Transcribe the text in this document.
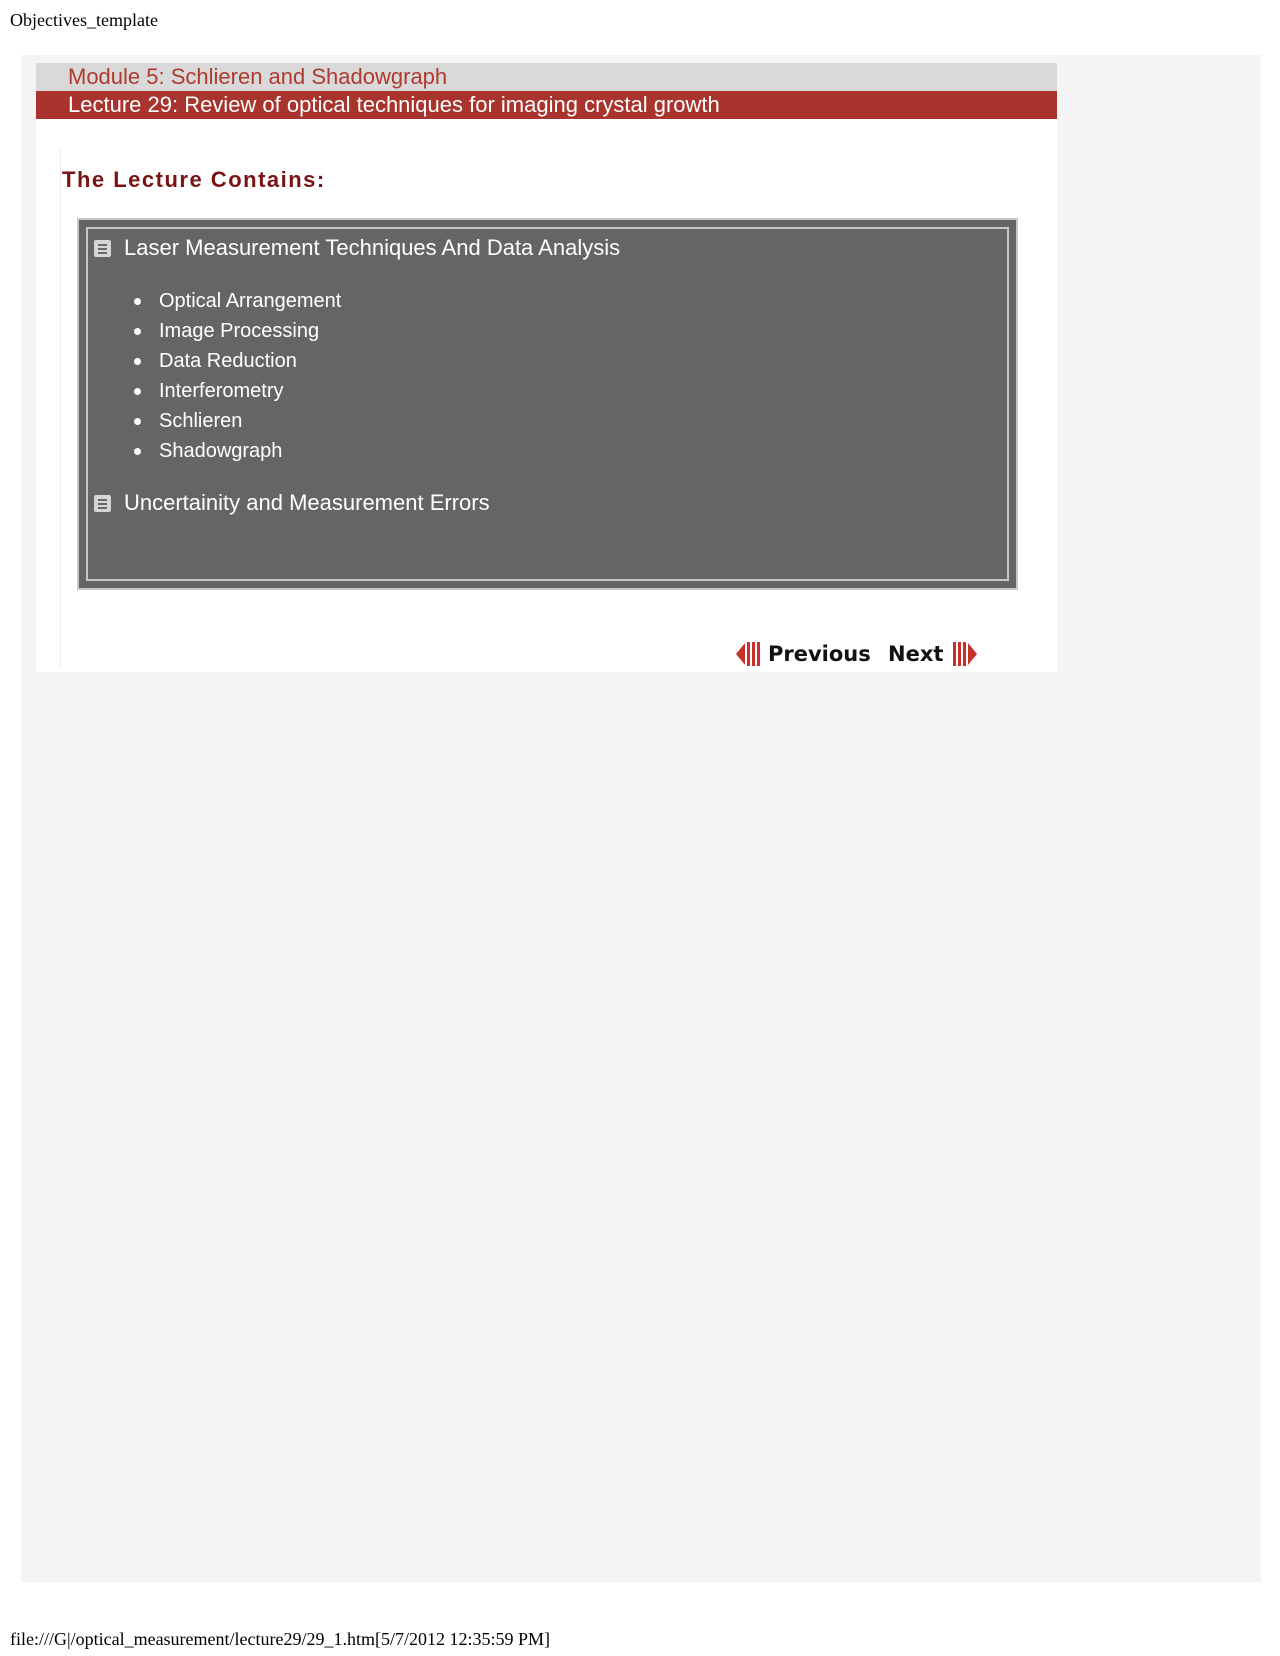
Objectives_template
Module 5: Schlieren and Shadowgraph
Lecture 29: Review of optical techniques for imaging crystal growth
The Lecture Contains:
Laser Measurement Techniques And Data Analysis
Optical Arrangement
Image Processing
Data Reduction
Interferometry
Schlieren
Shadowgraph
Uncertainity and Measurement Errors
Previous Next
file:///G|/optical_measurement/lecture29/29_1.htm[5/7/2012 12:35:59 PM]
